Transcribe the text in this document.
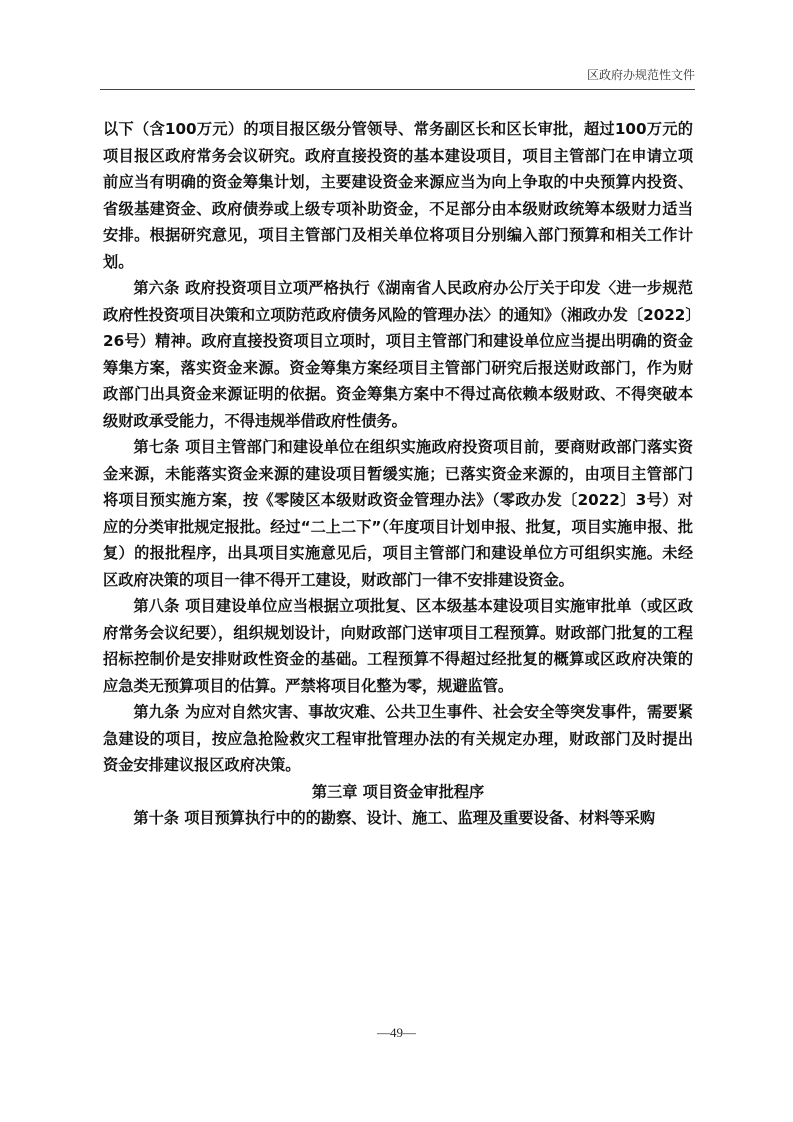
区政府办规范性文件

以下（含100万元）的项目报区级分管领导、常务副区长和区长审批，超过100万元的项目报区政府常务会议研究。政府直接投资的基本建设项目，项目主管部门在申请立项前应当有明确的资金筹集计划，主要建设资金来源应当为向上争取的中央预算内投资、省级基建资金、政府债券或上级专项补助资金，不足部分由本级财政统筹本级财力适当安排。根据研究意见，项目主管部门及相关单位将项目分别编入部门预算和相关工作计划。

第六条 政府投资项目立项严格执行《湖南省人民政府办公厅关于印发〈进一步规范政府性投资项目决策和立项防范政府债务风险的管理办法〉的通知》（湘政办发〔2022〕26号）精神。政府直接投资项目立项时，项目主管部门和建设单位应当提出明确的资金筹集方案，落实资金来源。资金筹集方案经项目主管部门研究后报送财政部门，作为财政部门出具资金来源证明的依据。资金筹集方案中不得过高依赖本级财政、不得突破本级财政承受能力，不得违规举借政府性债务。

第七条 项目主管部门和建设单位在组织实施政府投资项目前，要商财政部门落实资金来源，未能落实资金来源的建设项目暂缓实施；已落实资金来源的，由项目主管部门将项目预实施方案，按《零陵区本级财政资金管理办法》（零政办发〔2022〕3号）对应的分类审批规定报批。经过“二上二下”（年度项目计划申报、批复，项目实施申报、批复）的报批程序，出具项目实施意见后，项目主管部门和建设单位方可组织实施。未经区政府决策的项目一律不得开工建设，财政部门一律不安排建设资金。

第八条 项目建设单位应当根据立项批复、区本级基本建设项目实施审批单（或区政府常务会议纪要），组织规划设计，向财政部门送审项目工程预算。财政部门批复的工程招标控制价是安排财政性资金的基础。工程预算不得超过经批复的概算或区政府决策的应急类无预算项目的估算。严禁将项目化整为零，规避监管。

第九条 为应对自然灾害、事故灾难、公共卫生事件、社会安全等突发事件，需要紧急建设的项目，按应急抢险救灾工程审批管理办法的有关规定办理，财政部门及时提出资金安排建议报区政府决策。

第三章 项目资金审批程序

第十条 项目预算执行中的的勘察、设计、施工、监理及重要设备、材料等采购

—49—
